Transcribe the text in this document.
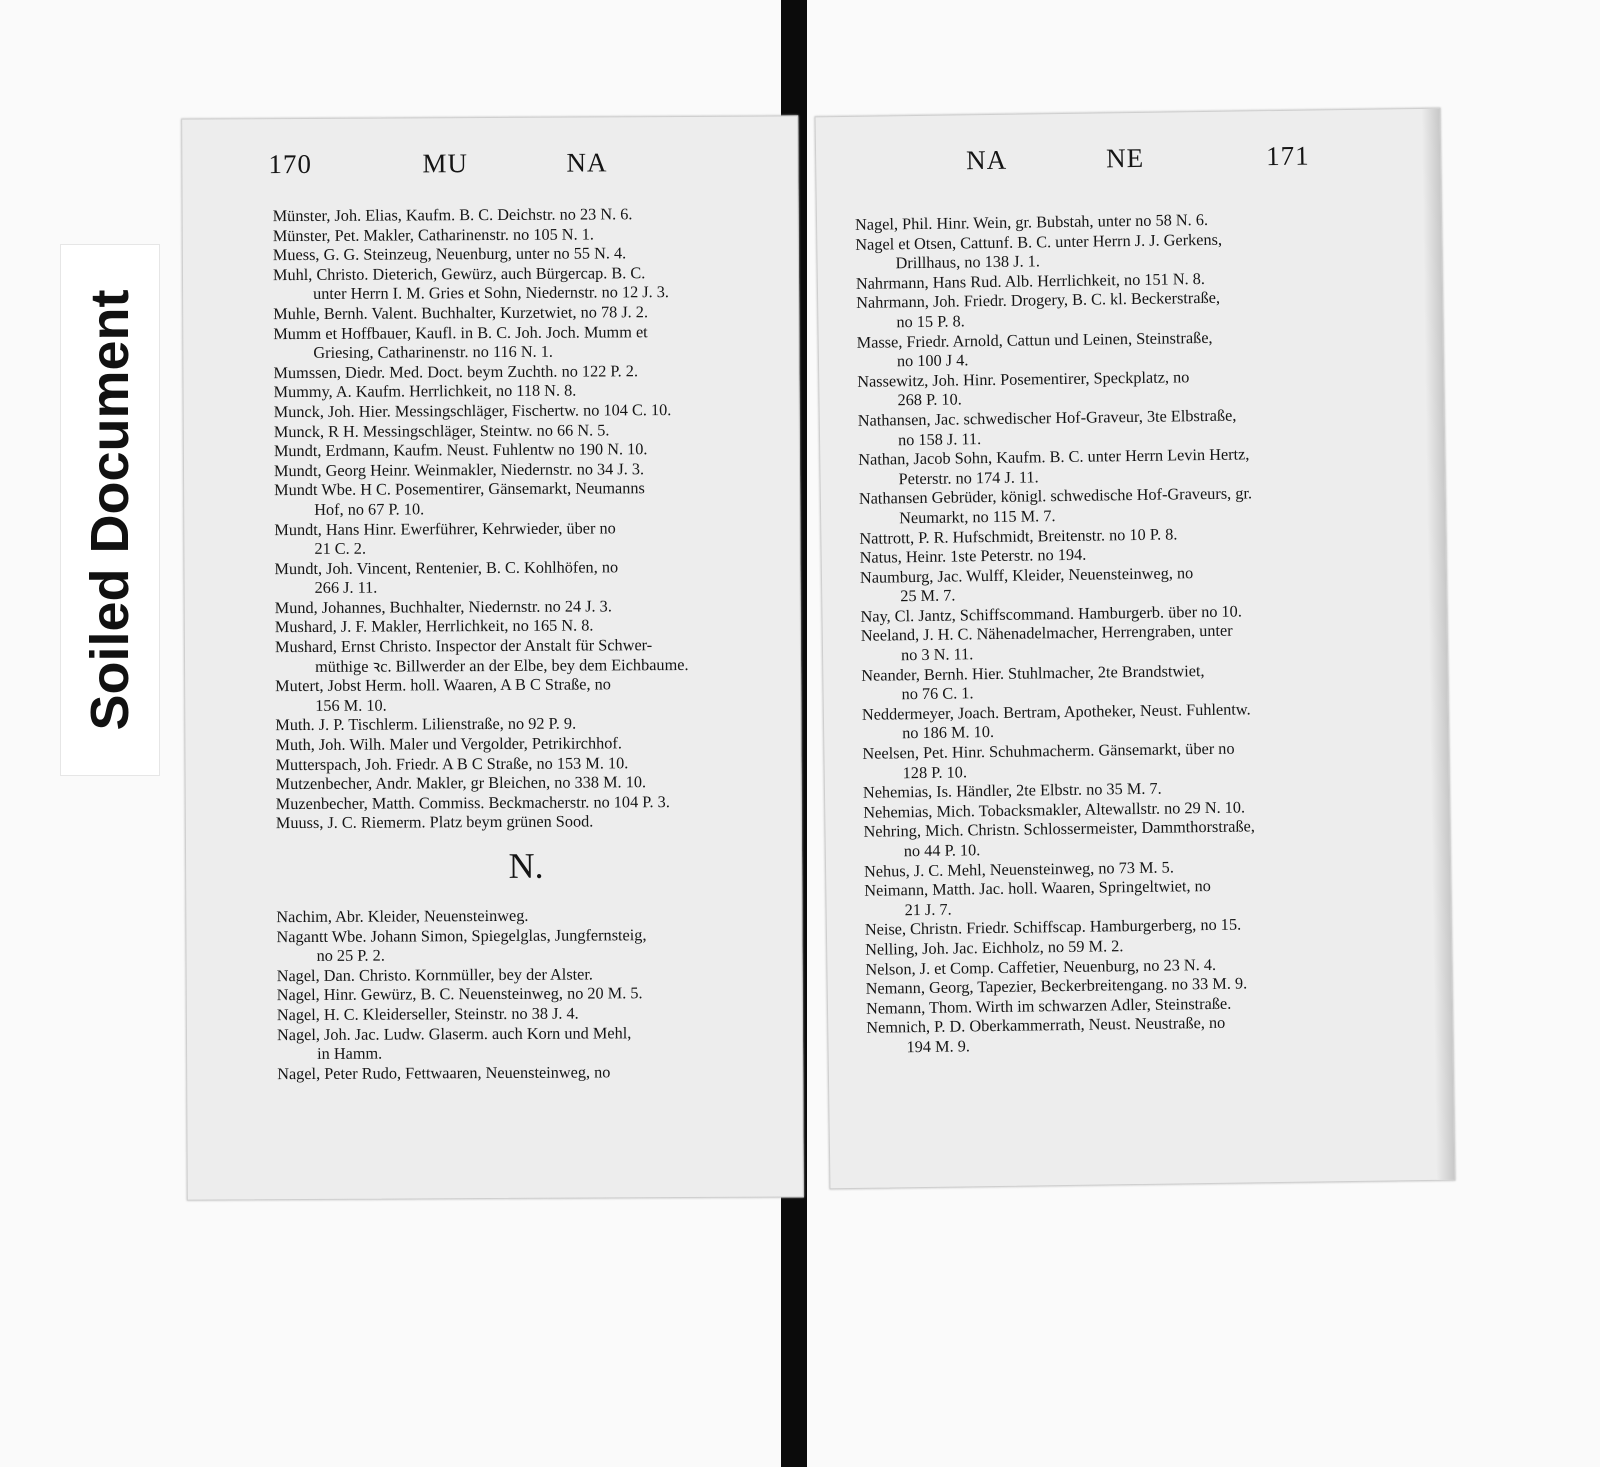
Soiled Document
170	MU	NA
Münster, Joh. Elias, Kaufm. B. C. Deichstr. no 23 N. 6.
Münster, Pet. Makler, Catharinenstr. no 105 N. 1.
Muess, G. G. Steinzeug, Neuenburg, unter no 55 N. 4.
Muhl, Christo. Dieterich, Gewürz, auch Bürgercap. B. C.
unter Herrn I. M. Gries et Sohn, Niedernstr. no 12 J. 3.
Muhle, Bernh. Valent. Buchhalter, Kurzetwiet, no 78 J. 2.
Mumm et Hoffbauer, Kaufl. in B. C. Joh. Joch. Mumm et
Griesing, Catharinenstr. no 116 N. 1.
Mumssen, Diedr. Med. Doct. beym Zuchth. no 122 P. 2.
Mummy, A. Kaufm. Herrlichkeit, no 118 N. 8.
Munck, Joh. Hier. Messingschläger, Fischertw. no 104 C. 10.
Munck, R H. Messingschläger, Steintw. no 66 N. 5.
Mundt, Erdmann, Kaufm. Neust. Fuhlentw no 190 N. 10.
Mundt, Georg Heinr. Weinmakler, Niedernstr. no 34 J. 3.
Mundt Wbe. H C. Posementirer, Gänsemarkt, Neumanns
Hof, no 67 P. 10.
Mundt, Hans Hinr. Ewerführer, Kehrwieder, über no
21 C. 2.
Mundt, Joh. Vincent, Rentenier, B. C. Kohlhöfen, no
266 J. 11.
Mund, Johannes, Buchhalter, Niedernstr. no 24 J. 3.
Mushard, J. F. Makler, Herrlichkeit, no 165 N. 8.
Mushard, Ernst Christo. Inspector der Anstalt für Schwer-
müthige ꝛc. Billwerder an der Elbe, bey dem Eichbaume.
Mutert, Jobst Herm. holl. Waaren, A B C Straße, no
156 M. 10.
Muth. J. P. Tischlerm. Lilienstraße, no 92 P. 9.
Muth, Joh. Wilh. Maler und Vergolder, Petrikirchhof.
Mutterspach, Joh. Friedr. A B C Straße, no 153 M. 10.
Mutzenbecher, Andr. Makler, gr Bleichen, no 338 M. 10.
Muzenbecher, Matth. Commiss. Beckmacherstr. no 104 P. 3.
Muuss, J. C. Riemerm. Platz beym grünen Sood.
N.
Nachim, Abr. Kleider, Neuensteinweg.
Nagantt Wbe. Johann Simon, Spiegelglas, Jungfernsteig,
no 25 P. 2.
Nagel, Dan. Christo. Kornmüller, bey der Alster.
Nagel, Hinr. Gewürz, B. C. Neuensteinweg, no 20 M. 5.
Nagel, H. C. Kleiderseller, Steinstr. no 38 J. 4.
Nagel, Joh. Jac. Ludw. Glaserm. auch Korn und Mehl,
in Hamm.
Nagel, Peter Rudo, Fettwaaren, Neuensteinweg, no
NA	NE	171
Nagel, Phil. Hinr. Wein, gr. Bubstah, unter no 58 N. 6.
Nagel et Otsen, Cattunf. B. C. unter Herrn J. J. Gerkens,
Drillhaus, no 138 J. 1.
Nahrmann, Hans Rud. Alb. Herrlichkeit, no 151 N. 8.
Nahrmann, Joh. Friedr. Drogery, B. C. kl. Beckerstraße,
no 15 P. 8.
Masse, Friedr. Arnold, Cattun und Leinen, Steinstraße,
no 100 J 4.
Nassewitz, Joh. Hinr. Posementirer, Speckplatz, no
268 P. 10.
Nathansen, Jac. schwedischer Hof-Graveur, 3te Elbstraße,
no 158 J. 11.
Nathan, Jacob Sohn, Kaufm. B. C. unter Herrn Levin Hertz,
Peterstr. no 174 J. 11.
Nathansen Gebrüder, königl. schwedische Hof-Graveurs, gr.
Neumarkt, no 115 M. 7.
Nattrott, P. R. Hufschmidt, Breitenstr. no 10 P. 8.
Natus, Heinr. 1ste Peterstr. no 194.
Naumburg, Jac. Wulff, Kleider, Neuensteinweg, no
25 M. 7.
Nay, Cl. Jantz, Schiffscommand. Hamburgerb. über no 10.
Neeland, J. H. C. Nähenadelmacher, Herrengraben, unter
no 3 N. 11.
Neander, Bernh. Hier. Stuhlmacher, 2te Brandstwiet,
no 76 C. 1.
Neddermeyer, Joach. Bertram, Apotheker, Neust. Fuhlentw.
no 186 M. 10.
Neelsen, Pet. Hinr. Schuhmacherm. Gänsemarkt, über no
128 P. 10.
Nehemias, Is. Händler, 2te Elbstr. no 35 M. 7.
Nehemias, Mich. Tobacksmakler, Altewallstr. no 29 N. 10.
Nehring, Mich. Christn. Schlossermeister, Dammthorstraße,
no 44 P. 10.
Nehus, J. C. Mehl, Neuensteinweg, no 73 M. 5.
Neimann, Matth. Jac. holl. Waaren, Springeltwiet, no
21 J. 7.
Neise, Christn. Friedr. Schiffscap. Hamburgerberg, no 15.
Nelling, Joh. Jac. Eichholz, no 59 M. 2.
Nelson, J. et Comp. Caffetier, Neuenburg, no 23 N. 4.
Nemann, Georg, Tapezier, Beckerbreitengang. no 33 M. 9.
Nemann, Thom. Wirth im schwarzen Adler, Steinstraße.
Nemnich, P. D. Oberkammerrath, Neust. Neustraße, no
194 M. 9.
